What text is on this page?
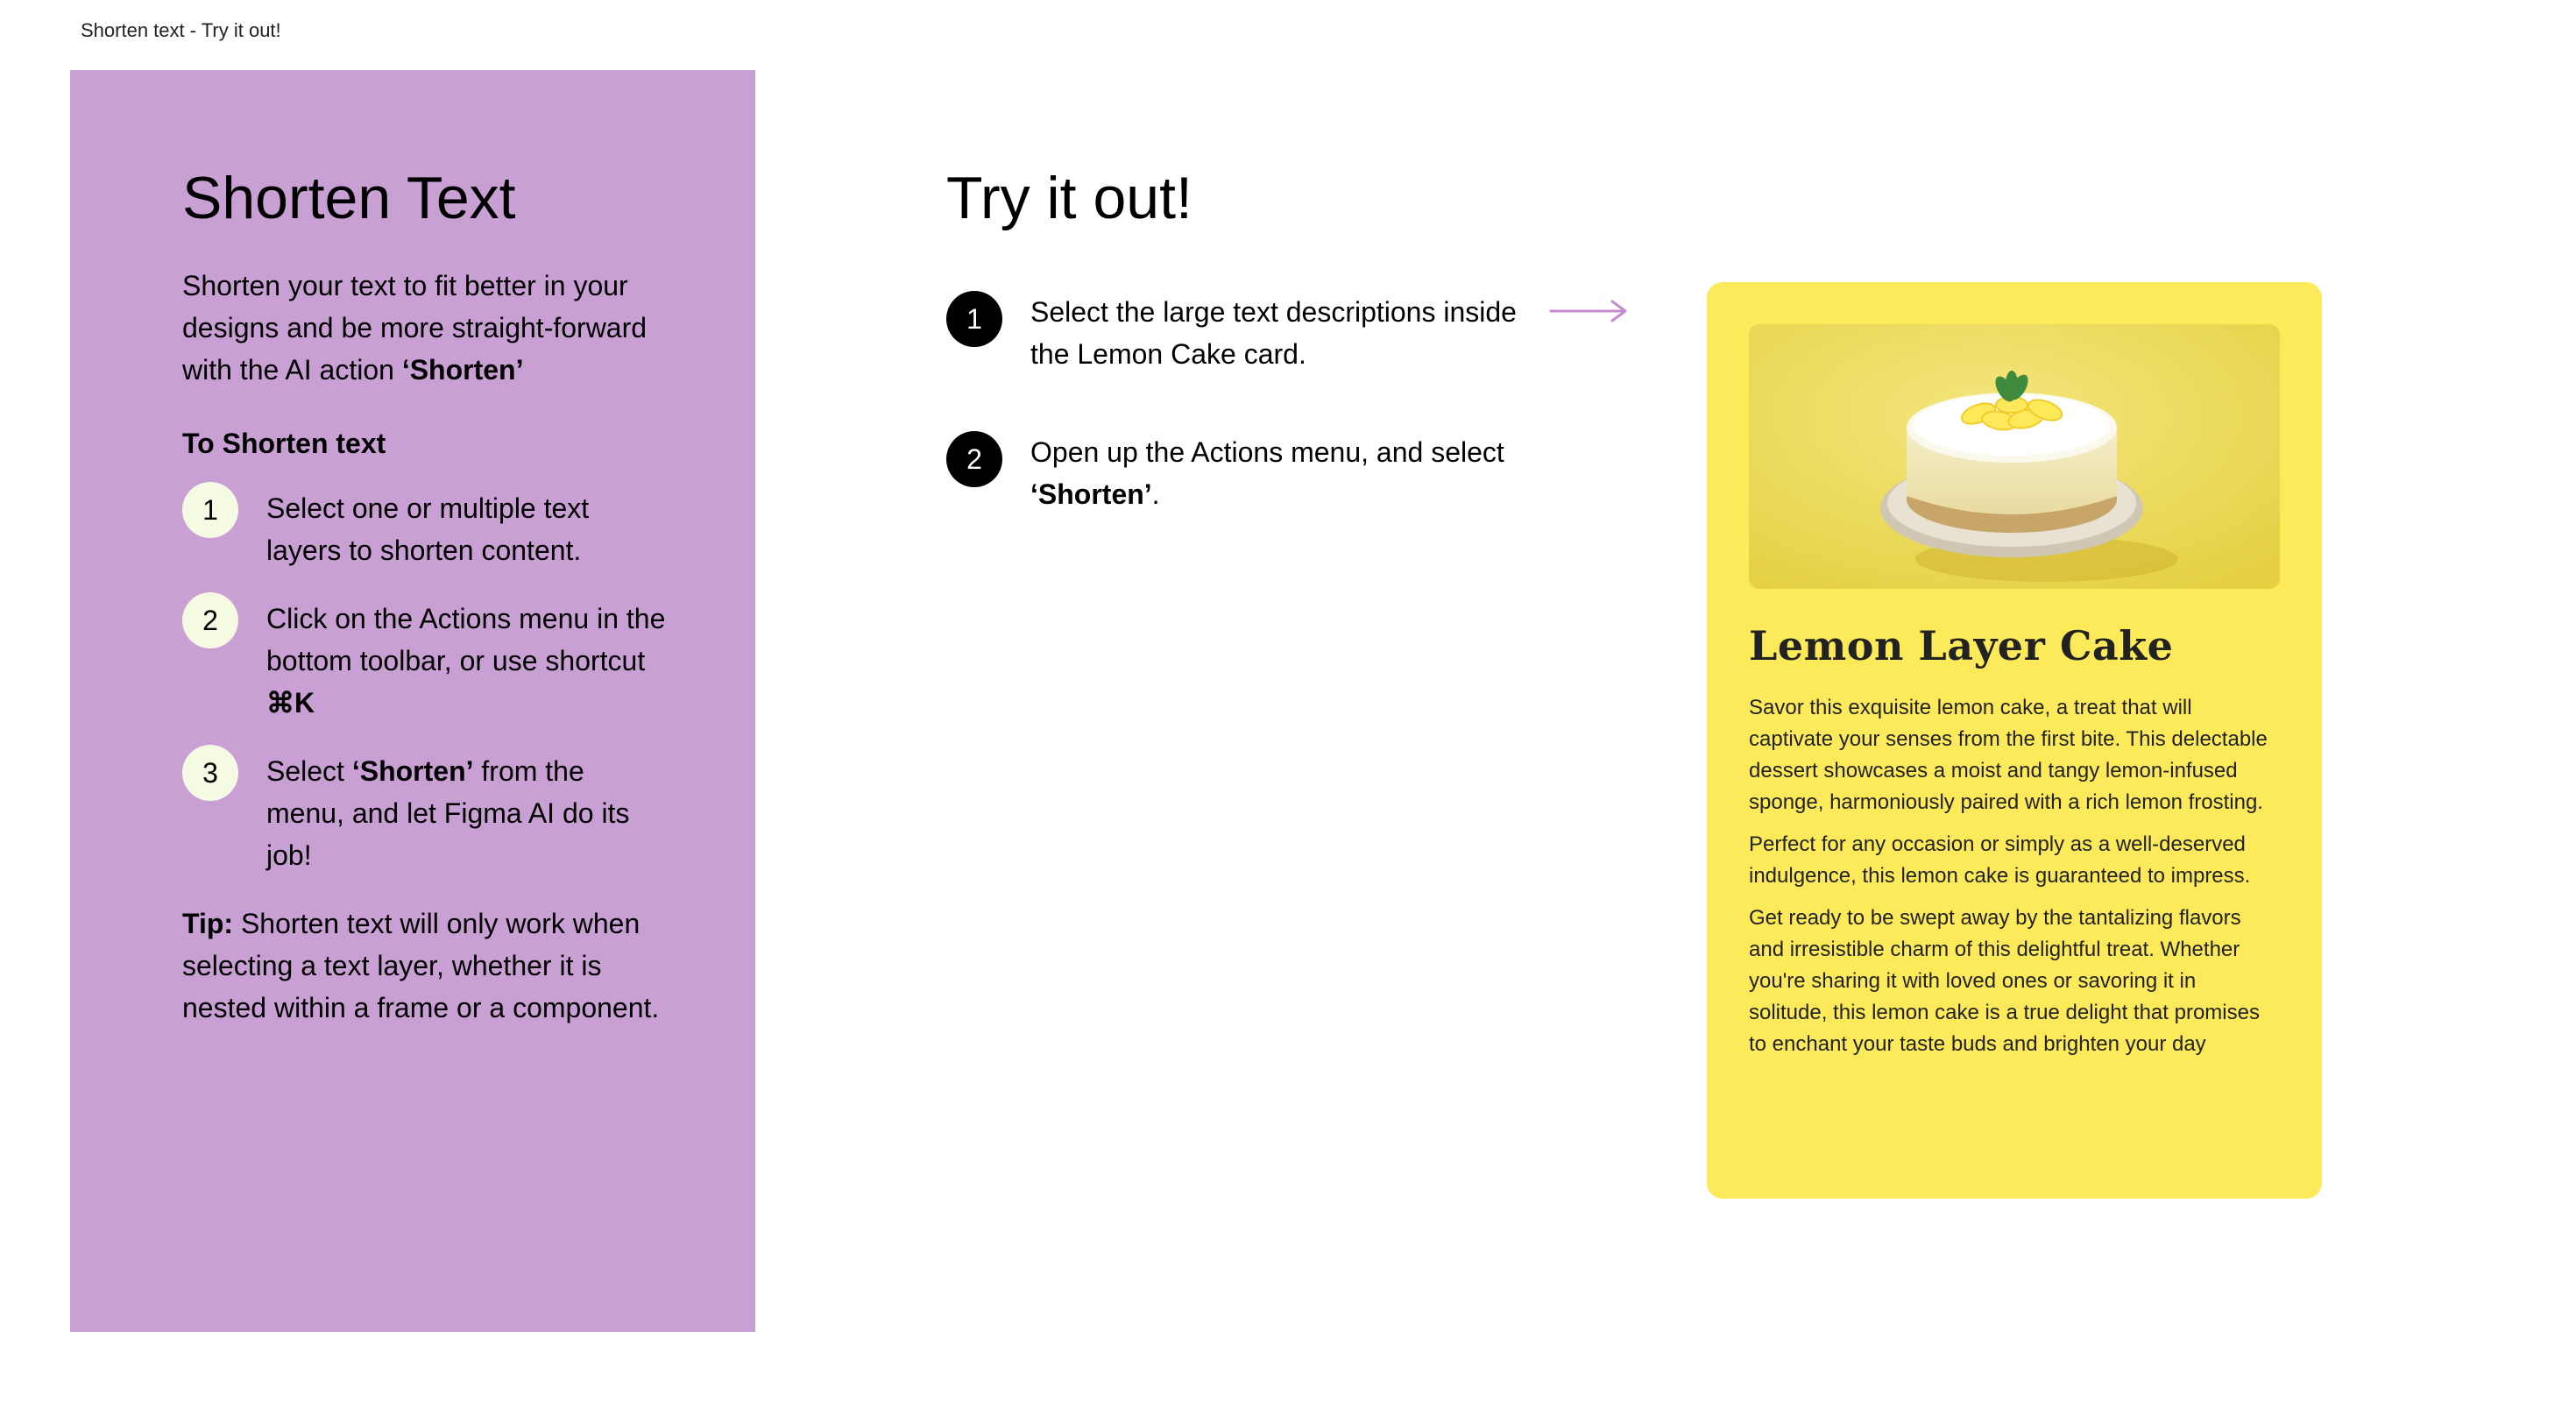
Shorten text - Try it out!
Shorten Text

Shorten your text to fit better in your designs and be more straight-forward with the AI action ‘Shorten’

To Shorten text
1	Select one or multiple text layers to shorten content.
2	Click on the Actions menu in the bottom toolbar, or use shortcut ⌘K
3	Select ‘Shorten’ from the menu, and let Figma AI do its job!
Tip: Shorten text will only work when selecting a text layer, whether it is nested within a frame or a component.
Try it out!
1	Select the large text descriptions inside the Lemon Cake card.
2	Open up the Actions menu, and select ‘Shorten’.
Lemon Layer Cake

Savor this exquisite lemon cake, a treat that will captivate your senses from the first bite. This delectable dessert showcases a moist and tangy lemon-infused sponge, harmoniously paired with a rich lemon frosting.

Perfect for any occasion or simply as a well-deserved indulgence, this lemon cake is guaranteed to impress.

Get ready to be swept away by the tantalizing flavors and irresistible charm of this delightful treat. Whether you're sharing it with loved ones or savoring it in solitude, this lemon cake is a true delight that promises to enchant your taste buds and brighten your day
